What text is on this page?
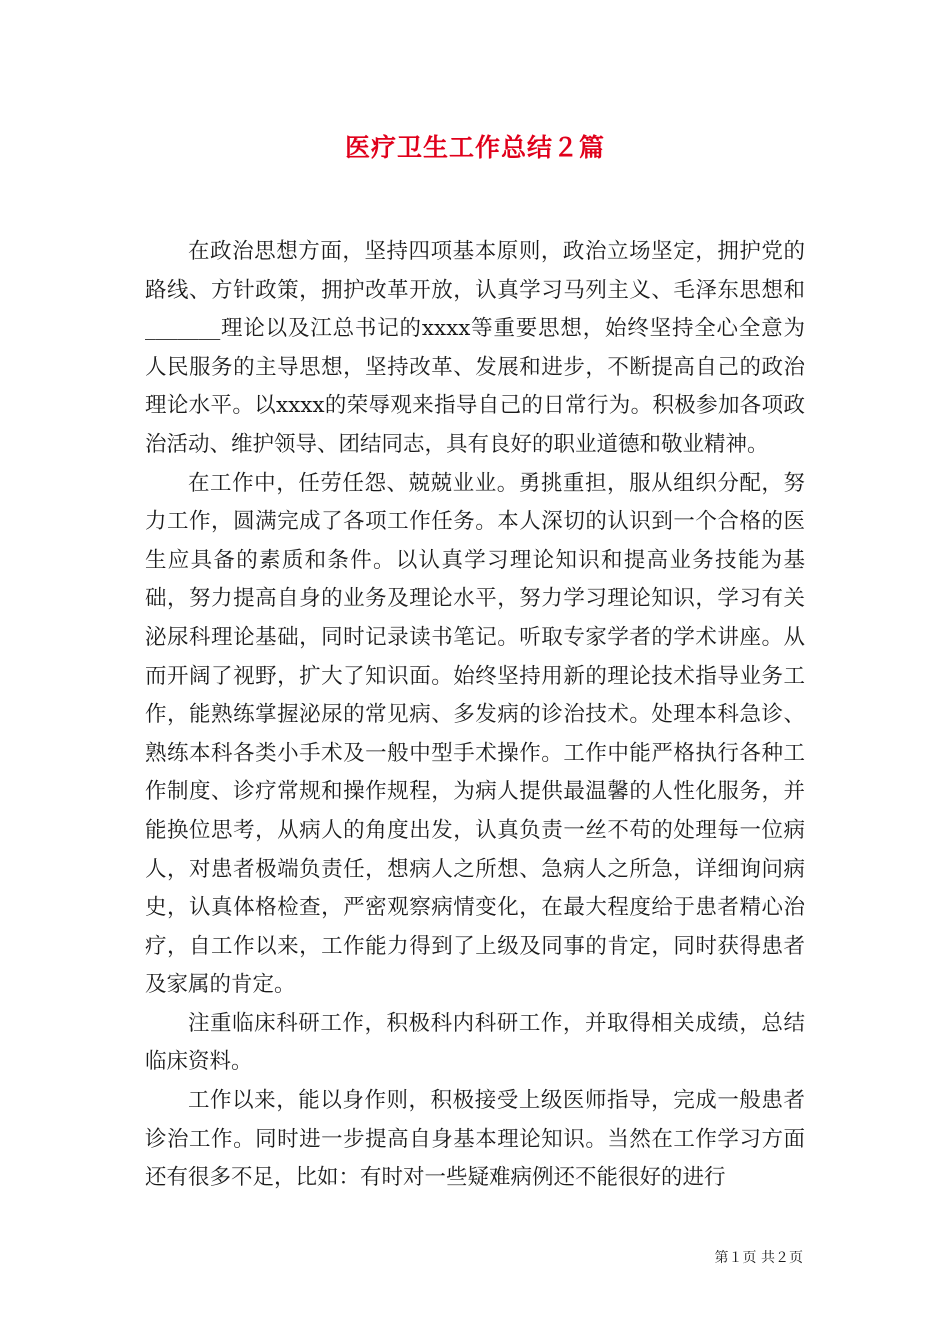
医疗卫生工作总结２篇

在政治思想方面，坚持四项基本原则，政治立场坚定，拥护党的路线、方针政策，拥护改革开放，认真学习马列主义、毛泽东思想和_______理论以及江总书记的xxxx等重要思想，始终坚持全心全意为人民服务的主导思想，坚持改革、发展和进步，不断提高自己的政治理论水平。以xxxx的荣辱观来指导自己的日常行为。积极参加各项政治活动、维护领导、团结同志，具有良好的职业道德和敬业精神。

在工作中，任劳任怨、兢兢业业。勇挑重担，服从组织分配，努力工作，圆满完成了各项工作任务。本人深切的认识到一个合格的医生应具备的素质和条件。以认真学习理论知识和提高业务技能为基础，努力提高自身的业务及理论水平，努力学习理论知识，学习有关泌尿科理论基础，同时记录读书笔记。听取专家学者的学术讲座。从而开阔了视野，扩大了知识面。始终坚持用新的理论技术指导业务工作，能熟练掌握泌尿的常见病、多发病的诊治技术。处理本科急诊、熟练本科各类小手术及一般中型手术操作。工作中能严格执行各种工作制度、诊疗常规和操作规程，为病人提供最温馨的人性化服务，并能换位思考，从病人的角度出发，认真负责一丝不苟的处理每一位病人，对患者极端负责任，想病人之所想、急病人之所急，详细询问病史，认真体格检查，严密观察病情变化，在最大程度给于患者精心治疗，自工作以来，工作能力得到了上级及同事的肯定，同时获得患者及家属的肯定。

注重临床科研工作，积极科内科研工作，并取得相关成绩，总结临床资料。

工作以来，能以身作则，积极接受上级医师指导，完成一般患者诊治工作。同时进一步提高自身基本理论知识。当然在工作学习方面还有很多不足，比如：有时对一些疑难病例还不能很好的进行

第１页 共２页
